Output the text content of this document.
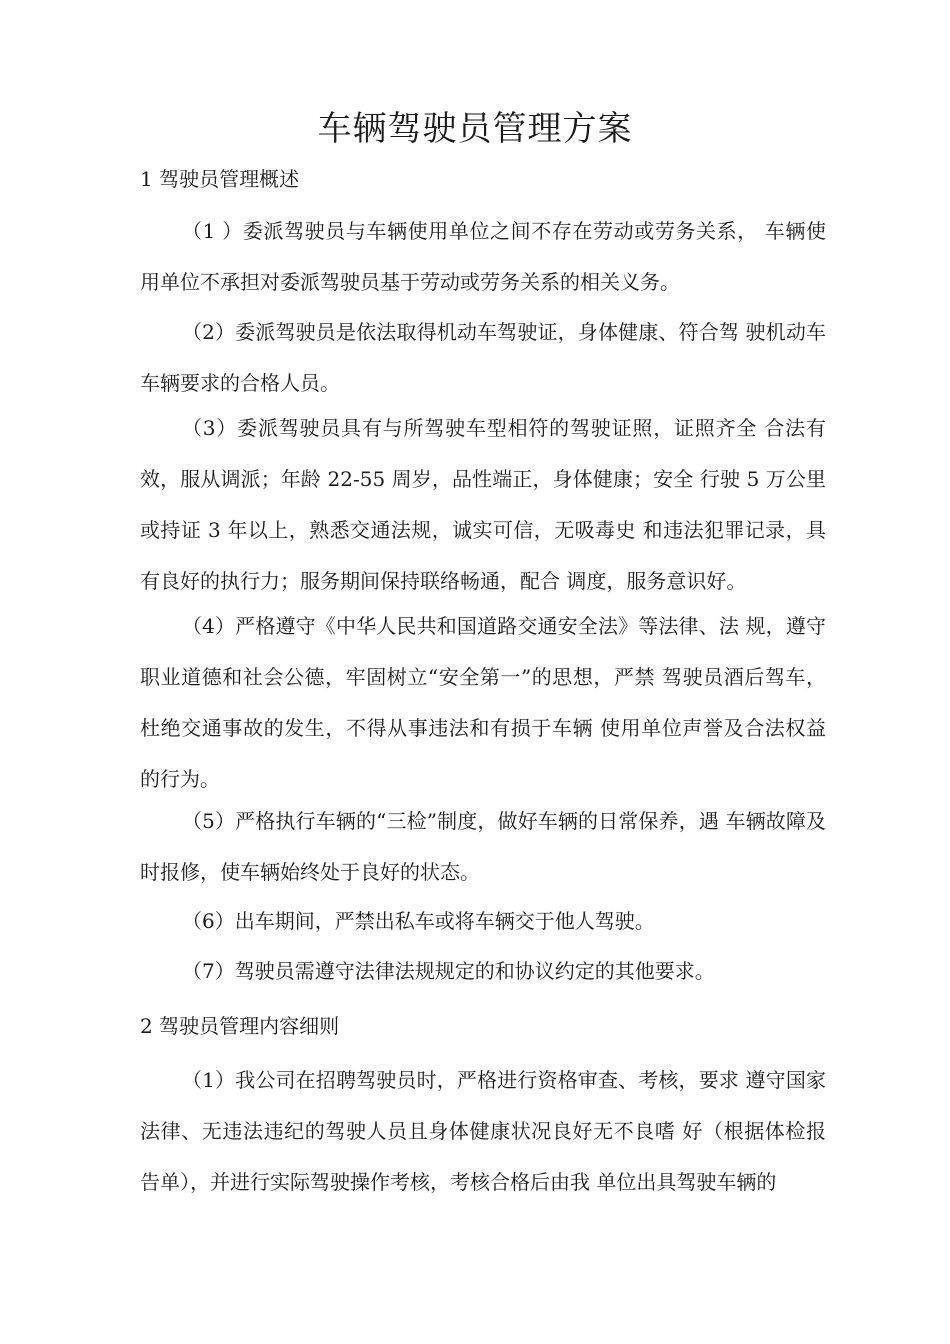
车辆驾驶员管理方案
1 驾驶员管理概述

（1 ）委派驾驶员与车辆使用单位之间不存在劳动或劳务关系， 车辆使用单位不承担对委派驾驶员基于劳动或劳务关系的相关义务。

（2）委派驾驶员是依法取得机动车驾驶证，身体健康、符合驾 驶机动车车辆要求的合格人员。

（3）委派驾驶员具有与所驾驶车型相符的驾驶证照，证照齐全 合法有效，服从调派；年龄 22-55 周岁，品性端正，身体健康；安全 行驶 5 万公里或持证 3 年以上，熟悉交通法规，诚实可信，无吸毒史 和违法犯罪记录，具有良好的执行力；服务期间保持联络畅通，配合 调度，服务意识好。

（4）严格遵守《中华人民共和国道路交通安全法》等法律、法 规，遵守职业道德和社会公德，牢固树立“安全第一”的思想，严禁 驾驶员酒后驾车，杜绝交通事故的发生，不得从事违法和有损于车辆 使用单位声誉及合法权益的行为。

（5）严格执行车辆的“三检”制度，做好车辆的日常保养，遇 车辆故障及时报修，使车辆始终处于良好的状态。

（6）出车期间，严禁出私车或将车辆交于他人驾驶。

（7）驾驶员需遵守法律法规规定的和协议约定的其他要求。

2 驾驶员管理内容细则

（1）我公司在招聘驾驶员时，严格进行资格审查、考核，要求 遵守国家法律、无违法违纪的驾驶人员且身体健康状况良好无不良嗜 好（根据体检报告单），并进行实际驾驶操作考核，考核合格后由我 单位出具驾驶车辆的
